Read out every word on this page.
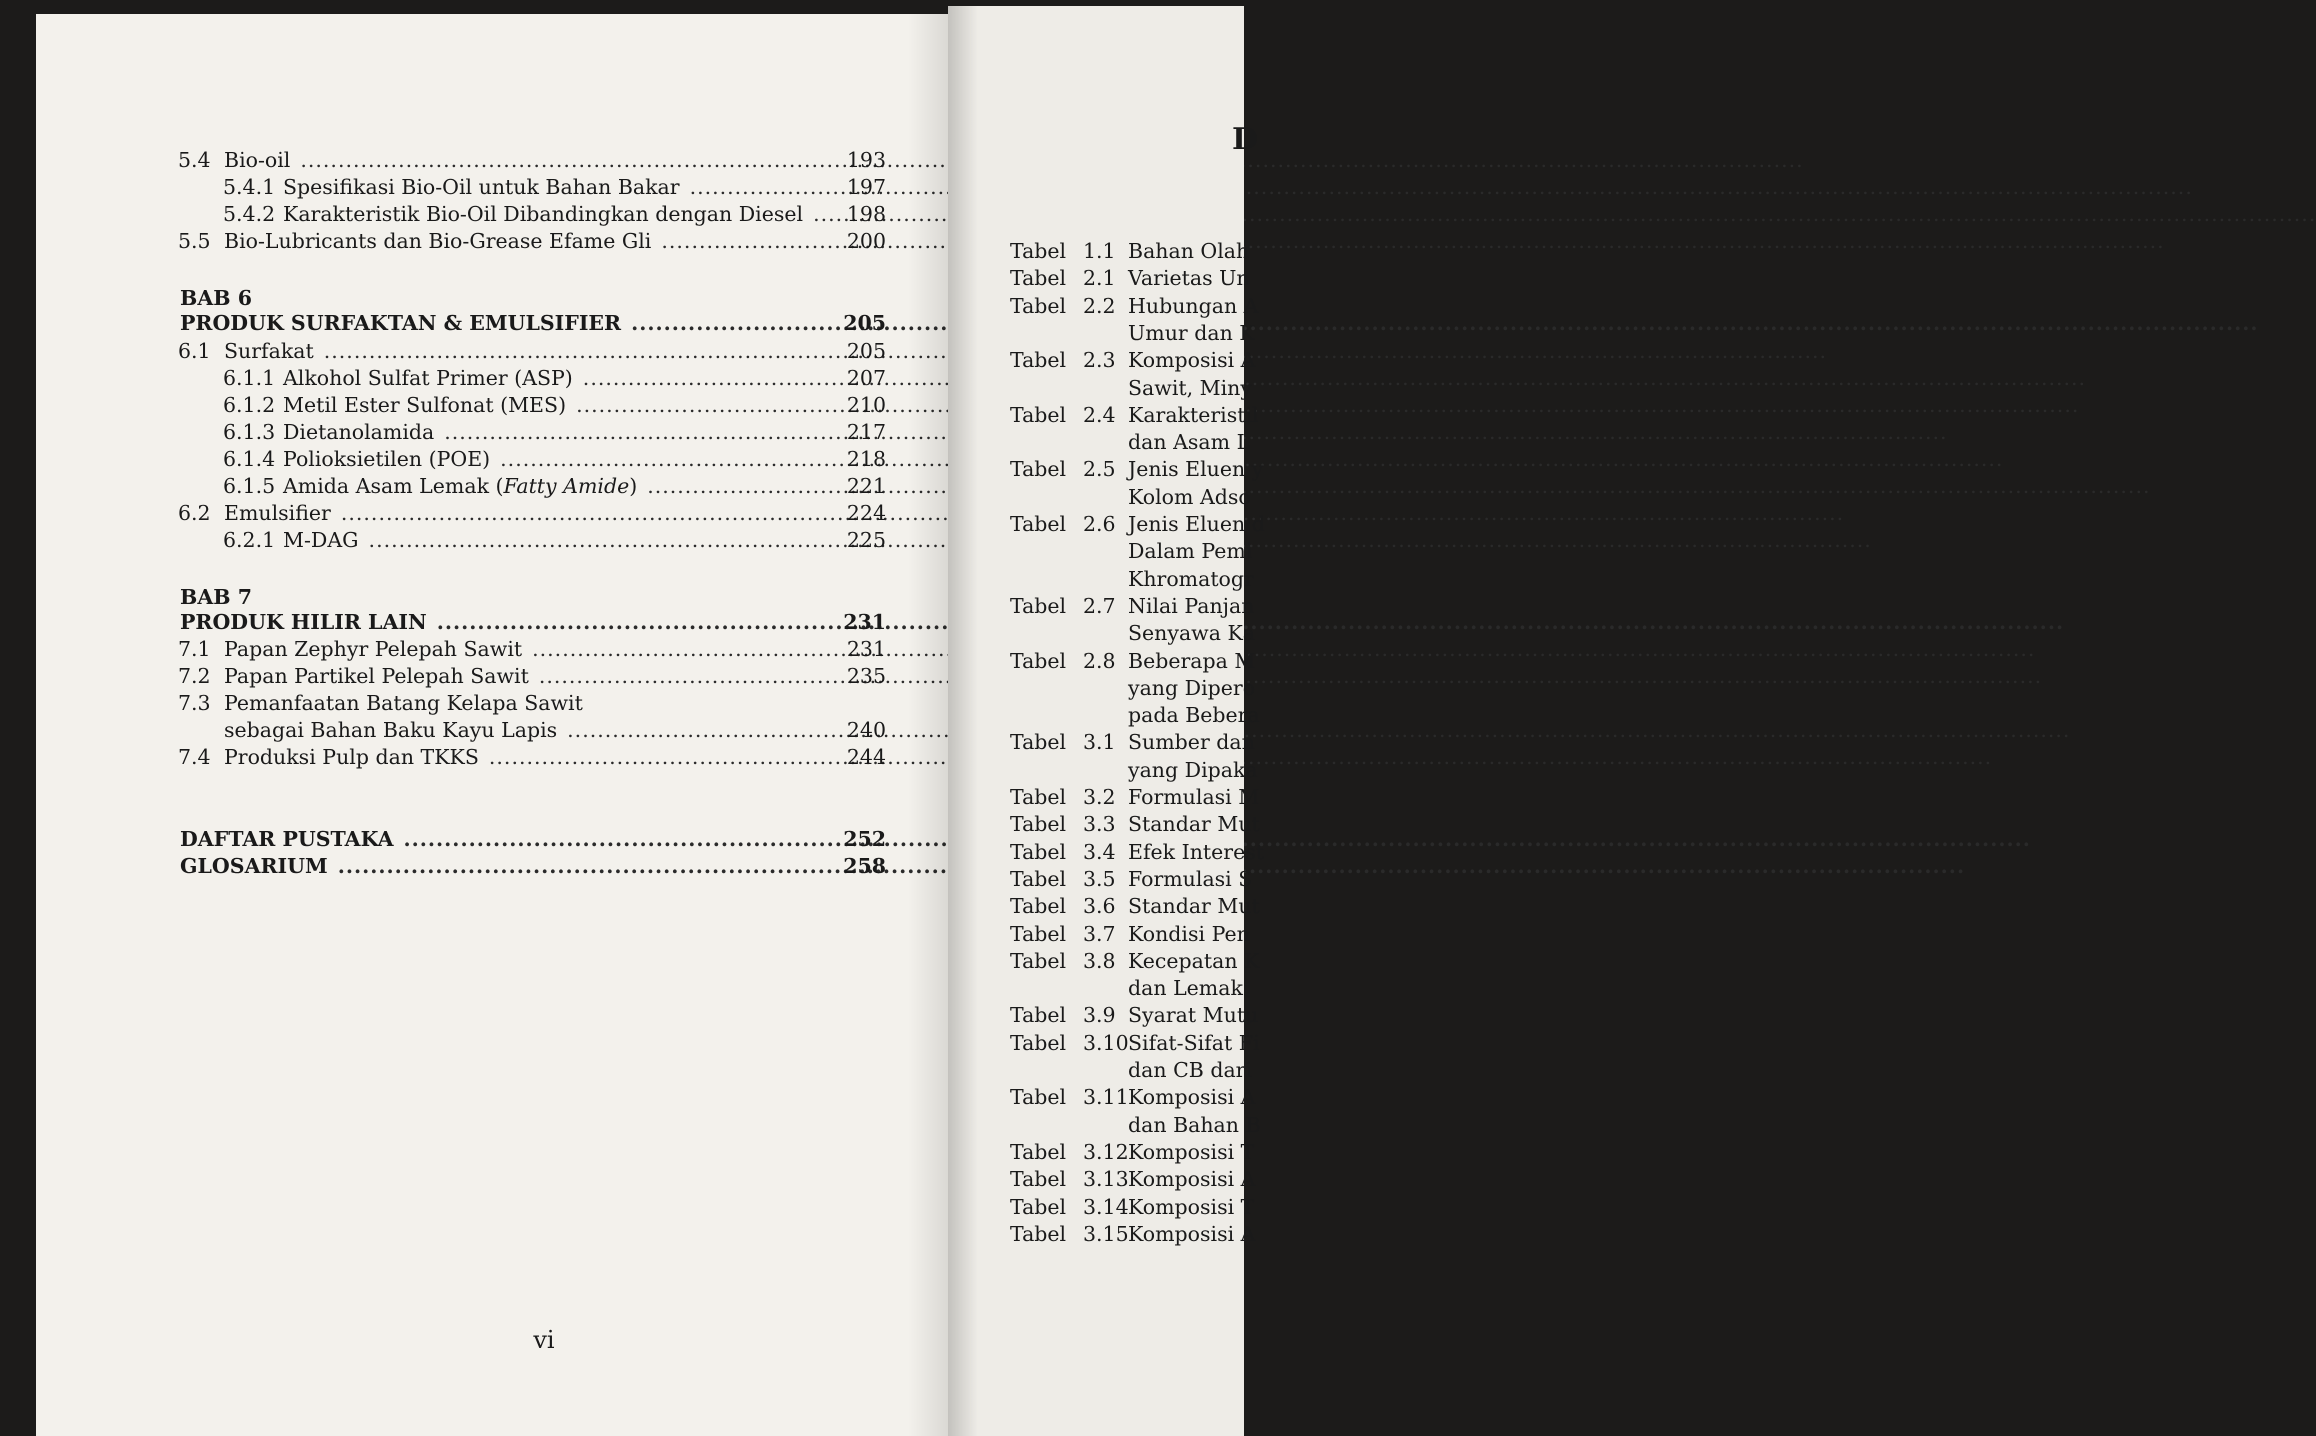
5.4 Bio-oil .....	193
5.4.1 Spesifikasi Bio-Oil untuk Bahan Bakar .....	197
5.4.2 Karakteristik Bio-Oil Dibandingkan dengan Diesel .....	198
5.5 Bio-Lubricants dan Bio-Grease Efame Gli .....	200
BAB 6
PRODUK SURFAKTAN & EMULSIFIER .....	205
6.1 Surfakat .....	205
6.1.1 Alkohol Sulfat Primer (ASP) .....	207
6.1.2 Metil Ester Sulfonat (MES) .....	210
6.1.3 Dietanolamida .....	217
6.1.4 Polioksietilen (POE) .....	218
6.1.5 Amida Asam Lemak (Fatty Amide) .....	221
6.2 Emulsifier .....	224
6.2.1 M-DAG .....	225
BAB 7
PRODUK HILIR LAIN .....	231
7.1 Papan Zephyr Pelepah Sawit .....	231
7.2 Papan Partikel Pelepah Sawit .....	235
7.3 Pemanfaatan Batang Kelapa Sawit
sebagai Bahan Baku Kayu Lapis .....	240
7.4 Produksi Pulp dan TKKS .....	244
DAFTAR PUSTAKA .....	252
GLOSARIUM .....	258
vi
D
Tabel 1.1 Bahan Olah
Tabel 2.1 Varietas Un
Tabel 2.2 Hubungan A
Umur dan K
Tabel 2.3 Komposisi A
Sawit, Miny
Tabel 2.4 Karakteristil
dan Asam L
Tabel 2.5 Jenis Eluen y
Kolom Adso
Tabel 2.6 Jenis Eluen d
Dalam Pemi
Khromatogr
Tabel 2.7 Nilai Panjan
Senyawa Ka
Tabel 2.8 Beberapa M
yang Dipero
pada Bebera
Tabel 3.1 Sumber dan
yang Dipaka
Tabel 3.2 Formulasi M
Tabel 3.3 Standar Mut
Tabel 3.4 Efek Interest
Tabel 3.5 Formulasi S
Tabel 3.6 Standar Mut
Tabel 3.7 Kondisi Pen
Tabel 3.8 Kecepatan K
dan Lemak
Tabel 3.9 Syarat Mutu
Tabel 3.10 Sifat-Sifat Fi
dan CB dari
Tabel 3.11 Komposisi A
dan Bahan B
Tabel 3.12 Komposisi T
Tabel 3.13 Komposisi A
Tabel 3.14 Komposisi T
Tabel 3.15 Komposisi A
